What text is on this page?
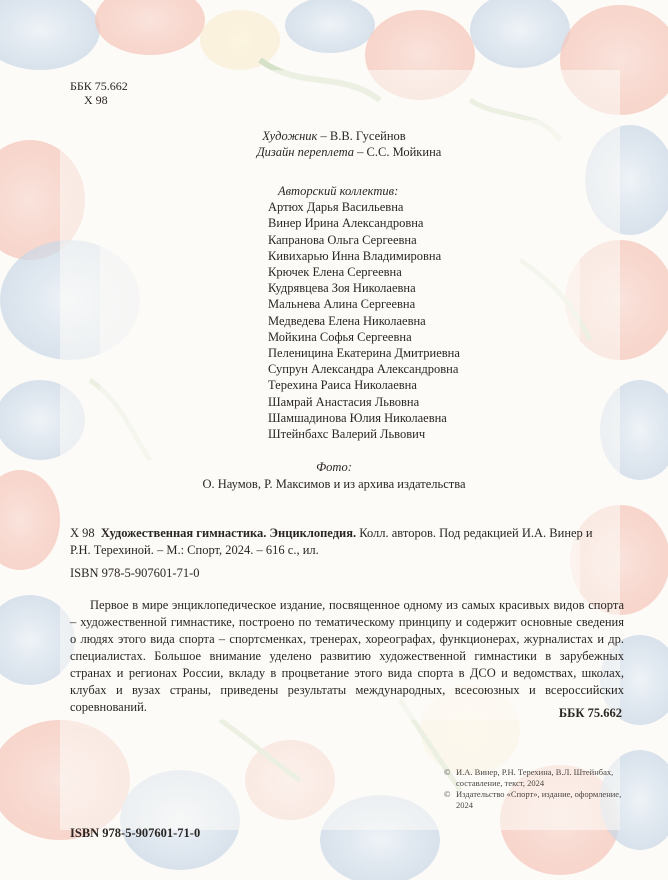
ББК 75.662
Х 98
Художник – В.В. Гусейнов
Дизайн переплета – С.С. Мойкина
Авторский коллектив:
Артюх Дарья Васильевна
Винер Ирина Александровна
Капранова Ольга Сергеевна
Кивихарью Инна Владимировна
Крючек Елена Сергеевна
Кудрявцева Зоя Николаевна
Мальнева Алина Сергеевна
Медведева Елена Николаевна
Мойкина Софья Сергеевна
Пеленицина Екатерина Дмитриевна
Супрун Александра Александровна
Терехина Раиса Николаевна
Шамрай Анастасия Львовна
Шамшадинова Юлия Николаевна
Штейнбахс Валерий Львович
Фото:
О. Наумов, Р. Максимов и из архива издательства
Х 98 Художественная гимнастика. Энциклопедия. Колл. авторов. Под редакцией И.А. Винер и Р.Н. Терехиной. – М.: Спорт, 2024. – 616 с., ил.
ISBN 978-5-907601-71-0
Первое в мире энциклопедическое издание, посвященное одному из самых красивых видов спорта – художественной гимнастике, построено по тематическому принципу и содержит основные сведения о людях этого вида спорта – спортсменках, тренерах, хореографах, функционерах, журналистах и др. специалистах. Большое внимание уделено развитию художественной гимнастики в зарубежных странах и регионах России, вкладу в процветание этого вида спорта в ДСО и ведомствах, школах, клубах и вузах страны, приведены результаты международных, всесоюзных и всероссийских соревнований.	ББК 75.662
© И.А. Винер, Р.Н. Терехина, В.Л. Штейнбах, составление, текст, 2024
© Издательство «Спорт», издание, оформление, 2024
ISBN 978-5-907601-71-0
